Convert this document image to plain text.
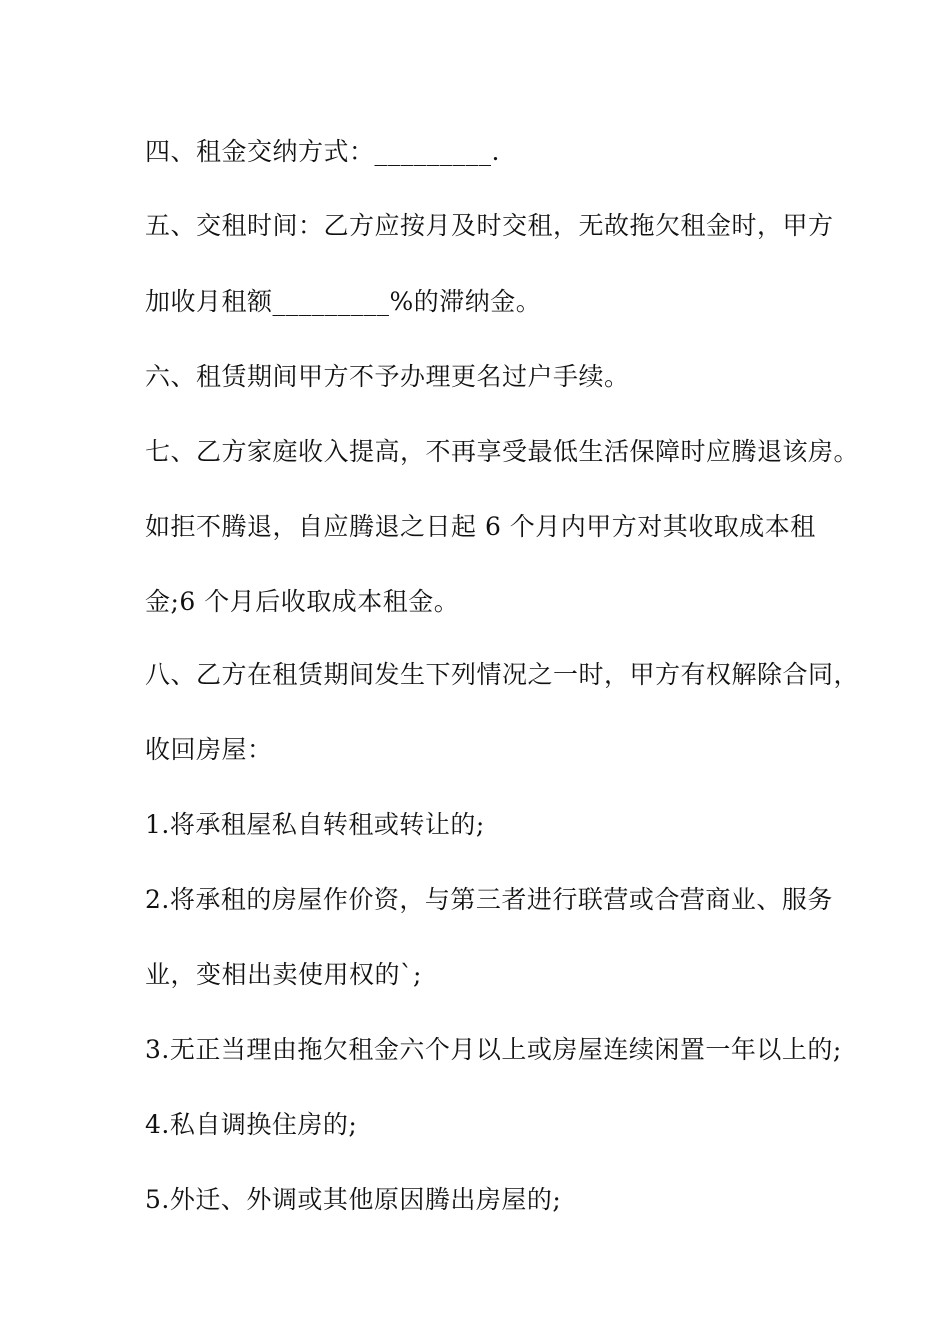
四、租金交纳方式：_________.

五、交租时间：乙方应按月及时交租，无故拖欠租金时，甲方

加收月租额_________%的滞纳金。

六、租赁期间甲方不予办理更名过户手续。

七、乙方家庭收入提高，不再享受最低生活保障时应腾退该房。

如拒不腾退，自应腾退之日起 6 个月内甲方对其收取成本租

金;6 个月后收取成本租金。

八、乙方在租赁期间发生下列情况之一时，甲方有权解除合同，

收回房屋：

1.将承租屋私自转租或转让的;

2.将承租的房屋作价资，与第三者进行联营或合营商业、服务

业，变相出卖使用权的`;

3.无正当理由拖欠租金六个月以上或房屋连续闲置一年以上的;

4.私自调换住房的;

5.外迁、外调或其他原因腾出房屋的;
